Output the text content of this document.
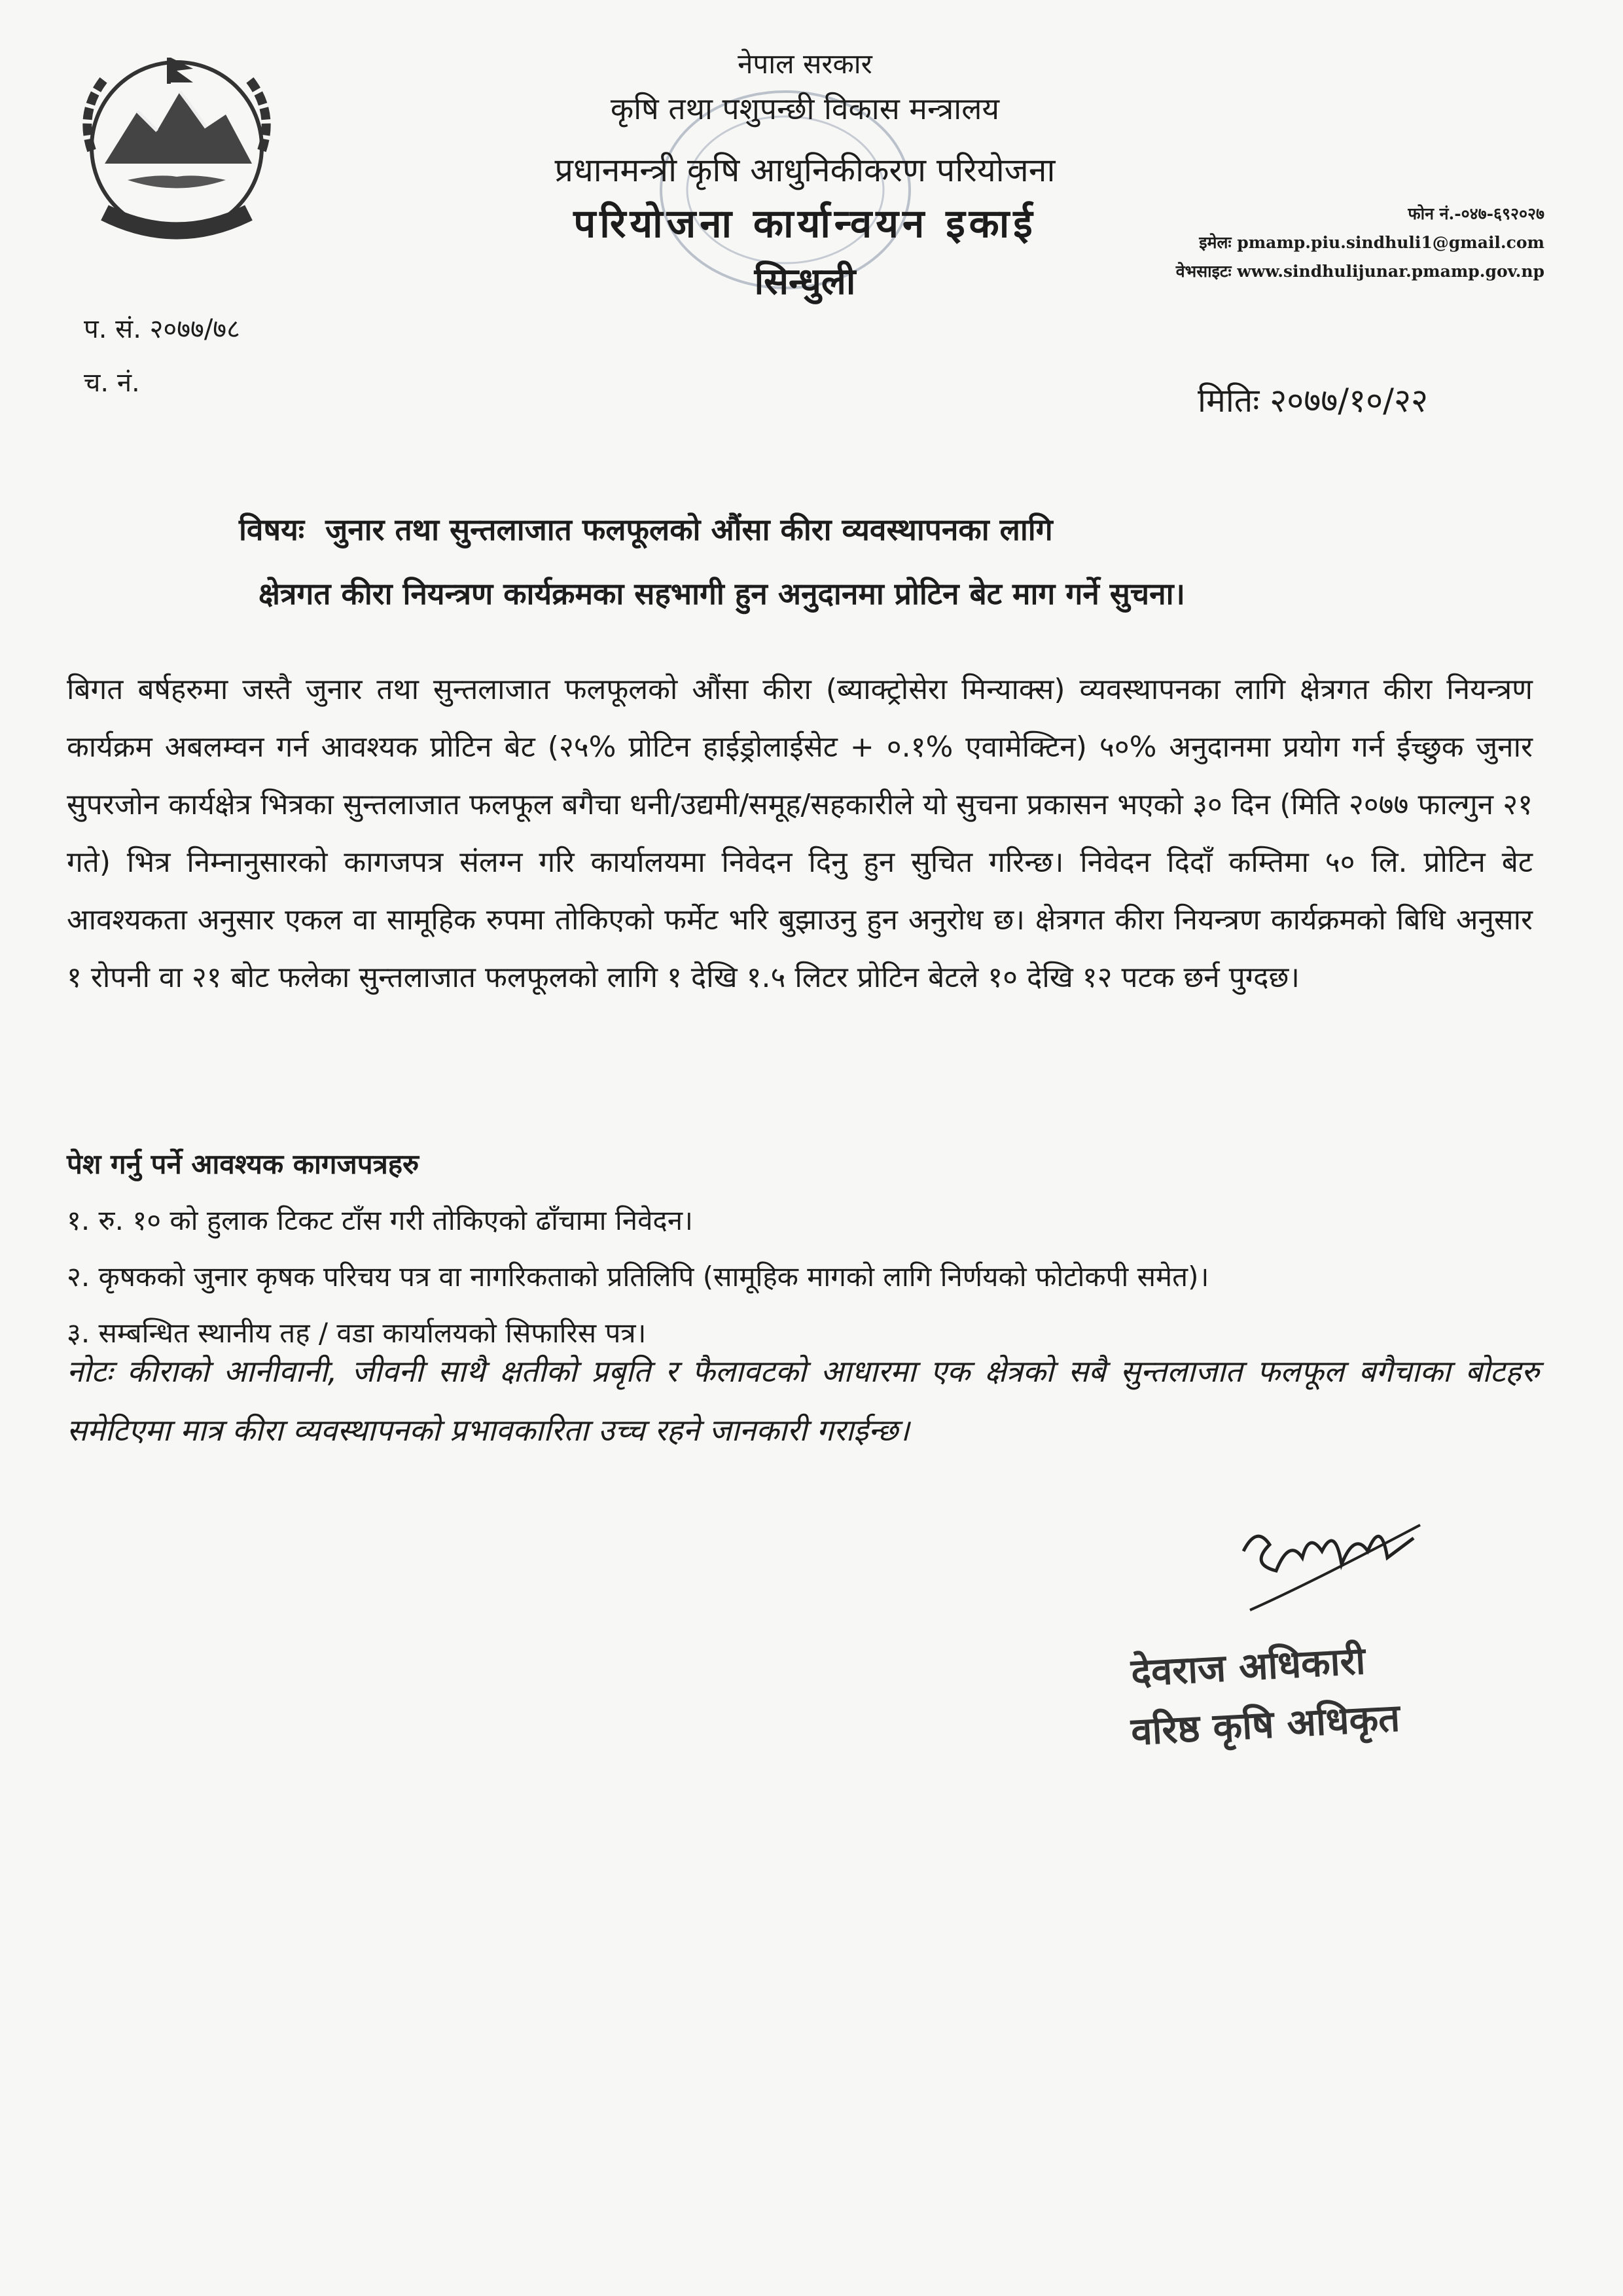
नेपाल सरकार
कृषि तथा पशुपन्छी विकास मन्त्रालय
प्रधानमन्त्री कृषि आधुनिकीकरण परियोजना
परियोजना कार्यान्वयन इकाई
सिन्धुली
फोन नं.-०४७-६९२०२७
इमेलः pmamp.piu.sindhuli1@gmail.com
वेभसाइटः www.sindhulijunar.pmamp.gov.np
प. सं. २०७७/७८
च. नं.	मितिः २०७७/१०/२२
विषयः जुनार तथा सुन्तलाजात फलफूलको औंसा कीरा व्यवस्थापनका लागि
क्षेत्रगत कीरा नियन्त्रण कार्यक्रमका सहभागी हुन अनुदानमा प्रोटिन बेट माग गर्ने सुचना।
बिगत बर्षहरुमा जस्तै जुनार तथा सुन्तलाजात फलफूलको औंसा कीरा (ब्याक्ट्रोसेरा मिन्याक्स) व्यवस्थापनका लागि क्षेत्रगत कीरा नियन्त्रण कार्यक्रम अबलम्वन गर्न आवश्यक प्रोटिन बेट (२५% प्रोटिन हाईड्रोलाईसेट + ०.१% एवामेक्टिन) ५०% अनुदानमा प्रयोग गर्न ईच्छुक जुनार सुपरजोन कार्यक्षेत्र भित्रका सुन्तलाजात फलफूल बगैचा धनी/उद्यमी/समूह/सहकारीले यो सुचना प्रकासन भएको ३० दिन (मिति २०७७ फाल्गुन २१ गते) भित्र निम्नानुसारको कागजपत्र संलग्न गरि कार्यालयमा निवेदन दिनु हुन सुचित गरिन्छ। निवेदन दिदाँ कम्तिमा ५० लि. प्रोटिन बेट आवश्यकता अनुसार एकल वा सामूहिक रुपमा तोकिएको फर्मेट भरि बुझाउनु हुन अनुरोध छ। क्षेत्रगत कीरा नियन्त्रण कार्यक्रमको बिधि अनुसार १ रोपनी वा २१ बोट फलेका सुन्तलाजात फलफूलको लागि १ देखि १.५ लिटर प्रोटिन बेटले १० देखि १२ पटक छर्न पुग्दछ।
पेश गर्नु पर्ने आवश्यक कागजपत्रहरु
१. रु. १० को हुलाक टिकट टाँस गरी तोकिएको ढाँचामा निवेदन।
२. कृषकको जुनार कृषक परिचय पत्र वा नागरिकताको प्रतिलिपि (सामूहिक मागको लागि निर्णयको फोटोकपी समेत)।
३. सम्बन्धित स्थानीय तह / वडा कार्यालयको सिफारिस पत्र।
नोटः कीराको आनीवानी, जीवनी साथै क्षतीको प्रबृति र फैलावटको आधारमा एक क्षेत्रको सबै सुन्तलाजात फलफूल बगैचाका बोटहरु समेटिएमा मात्र कीरा व्यवस्थापनको प्रभावकारिता उच्च रहने जानकारी गराईन्छ।
देवराज अधिकारी
वरिष्ठ कृषि अधिकृत
